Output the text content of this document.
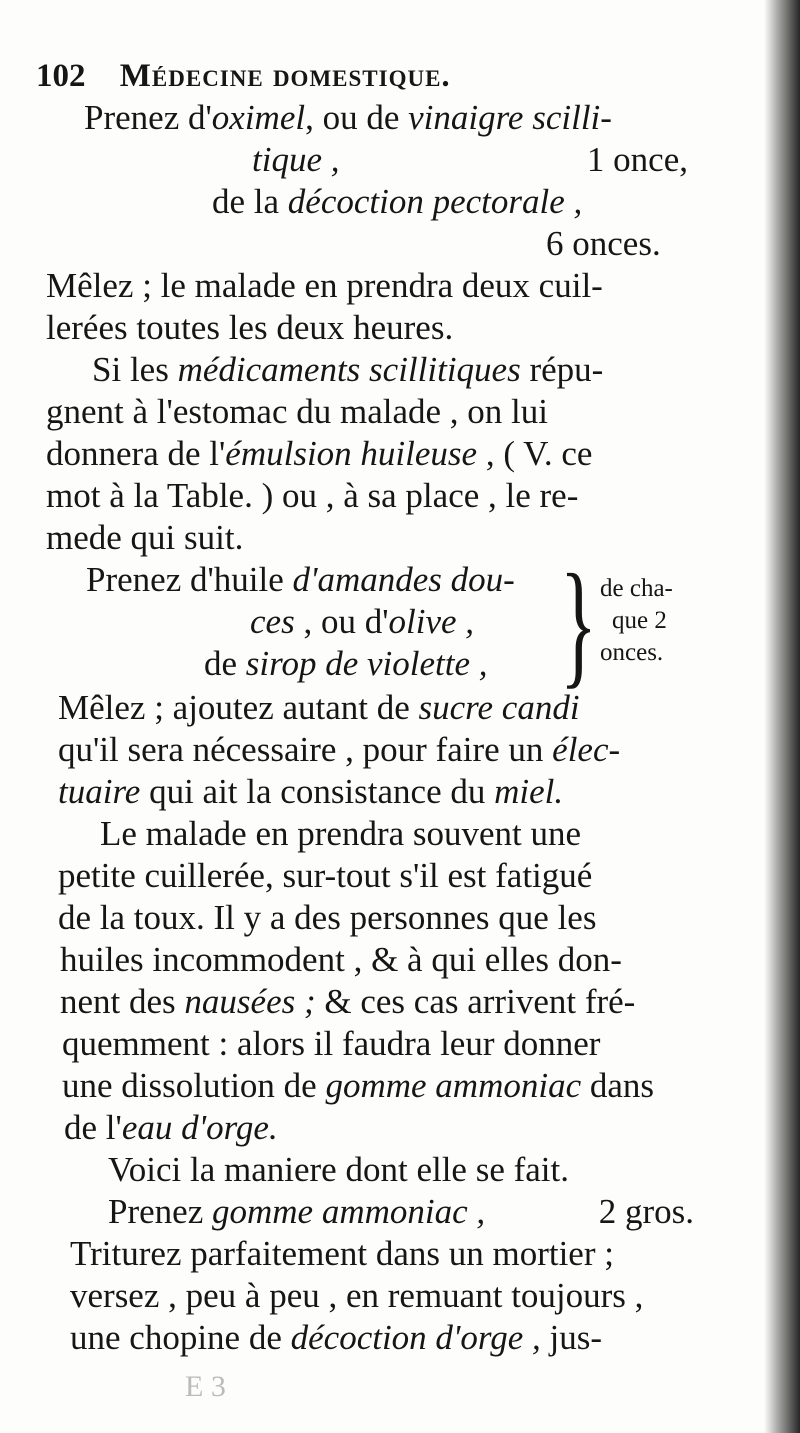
102 Médecine domestique.
Prenez d'oximel, ou de vinaigre scilli-
tique ,	1 once,
de la décoction pectorale ,
6 onces.
Mêlez ; le malade en prendra deux cuil-
lerées toutes les deux heures.
Si les médicaments scillitiques répu-
gnent à l'estomac du malade , on lui
donnera de l'émulsion huileuse , ( V. ce
mot à la Table. ) ou , à sa place , le re-
mede qui suit.
Prenez d'huile d'amandes dou-
ces , ou d'olive ,
de sirop de violette , } de cha-
que 2
onces.
Mêlez ; ajoutez autant de sucre candi
qu'il sera nécessaire , pour faire un élec-
tuaire qui ait la consistance du miel.
Le malade en prendra souvent une
petite cuillerée, sur-tout s'il est fatigué
de la toux. Il y a des personnes que les
huiles incommodent , & à qui elles don-
nent des nausées ; & ces cas arrivent fré-
quemment : alors il faudra leur donner
une dissolution de gomme ammoniac dans
de l'eau d'orge.
Voici la maniere dont elle se fait.
Prenez gomme ammoniac ,	2 gros.
Triturez parfaitement dans un mortier ;
versez , peu à peu , en remuant toujours ,
une chopine de décoction d'orge , jus-
E 3
